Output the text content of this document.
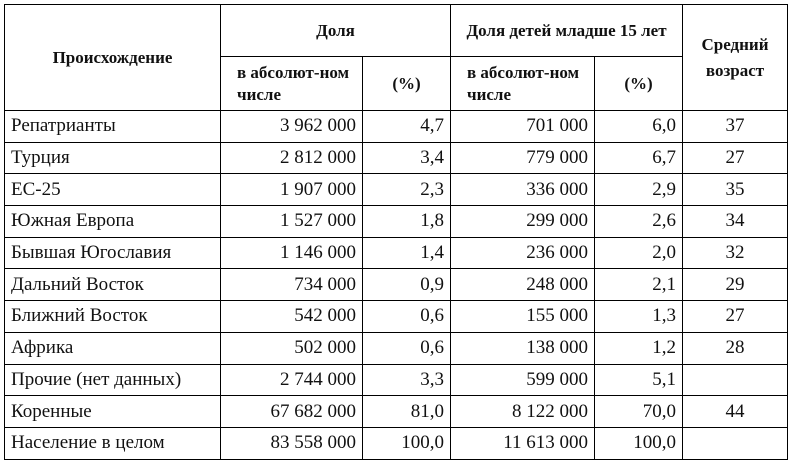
Происхождение	Доля		Доля детей младше 15 лет		Средний возраст
	в абсолют-ном числе	(%)	в абсолют-ном числе	(%)	
Репатрианты	3 962 000	4,7	701 000	6,0	37
Турция	2 812 000	3,4	779 000	6,7	27
ЕС-25	1 907 000	2,3	336 000	2,9	35
Южная Европа	1 527 000	1,8	299 000	2,6	34
Бывшая Югославия	1 146 000	1,4	236 000	2,0	32
Дальний Восток	734 000	0,9	248 000	2,1	29
Ближний Восток	542 000	0,6	155 000	1,3	27
Африка	502 000	0,6	138 000	1,2	28
Прочие (нет данных)	2 744 000	3,3	599 000	5,1	
Коренные	67 682 000	81,0	8 122 000	70,0	44
Население в целом	83 558 000	100,0	11 613 000	100,0	
